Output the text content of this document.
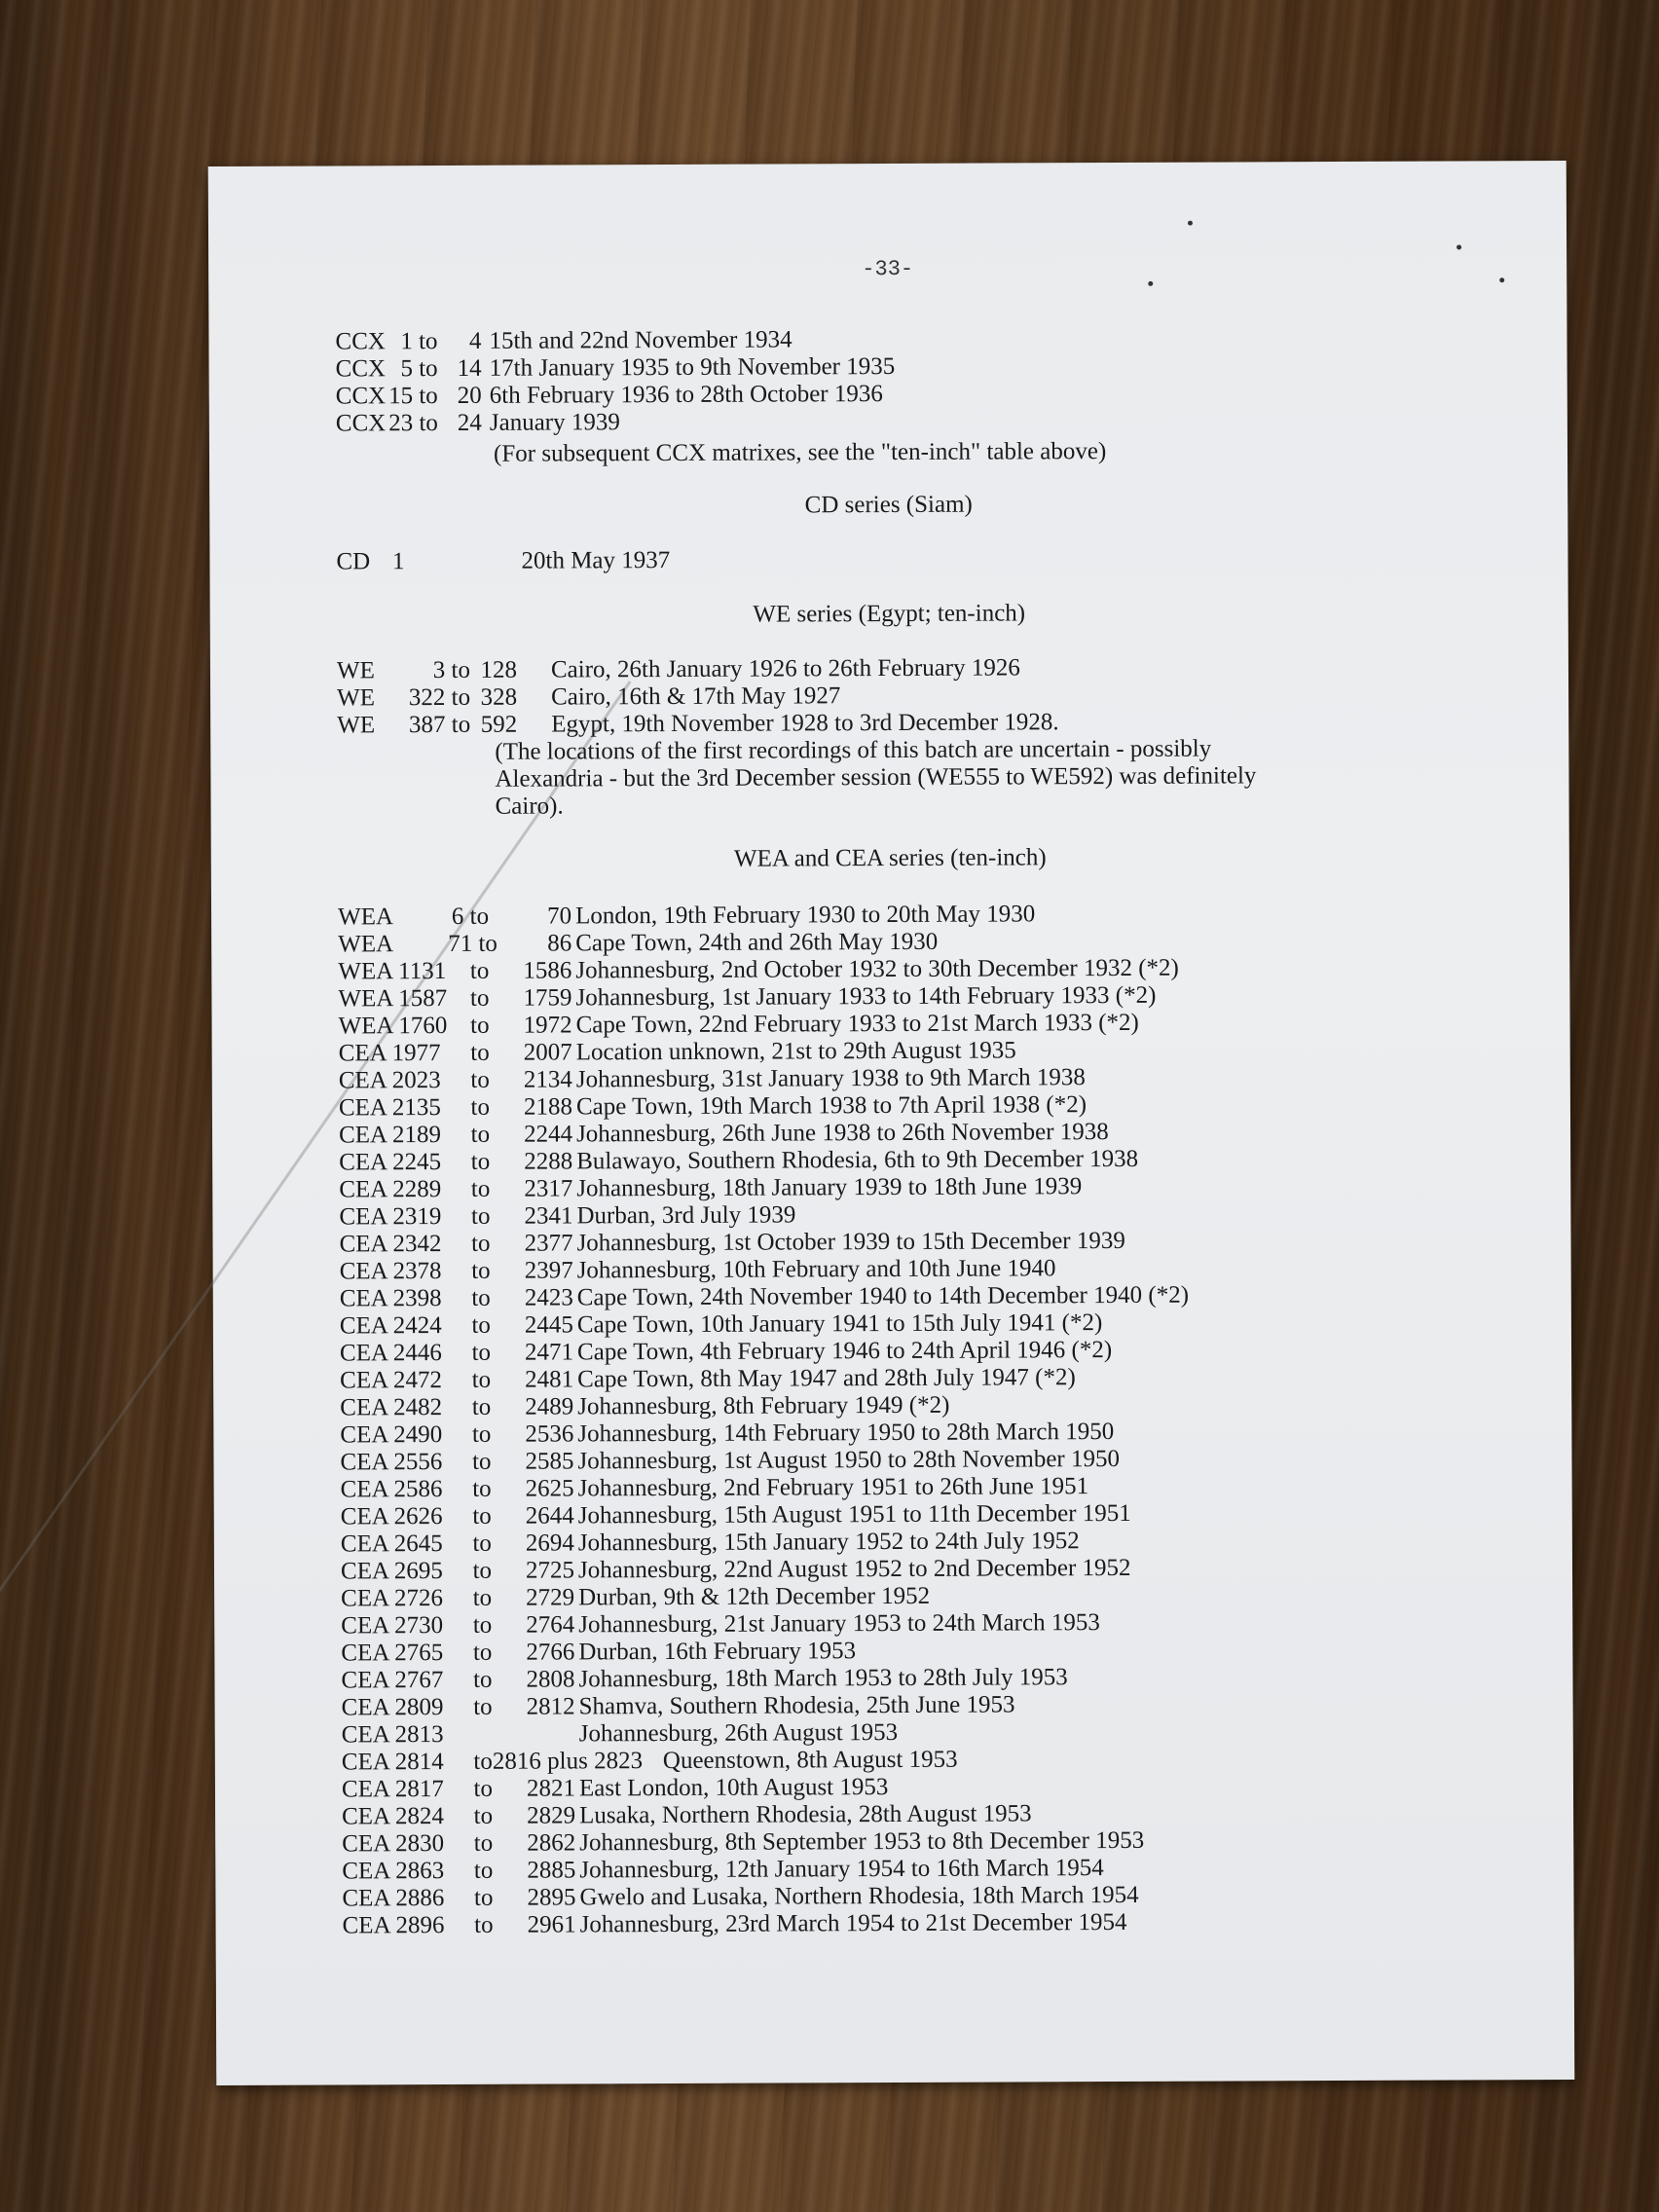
-33-
CCX 1 to	4 15th and 22nd November 1934
CCX 5 to 14 17th January 1935 to 9th November 1935
CCX 15 to 20 6th February 1936 to 28th October 1936
CCX 23 to 24 January 1939
(For subsequent CCX matrixes, see the "ten-inch" table above)
CD series (Siam)
CD 1	20th May 1937
WE series (Egypt; ten-inch)
WE	3 to 128 Cairo, 26th January 1926 to 26th February 1926
WE	322 to 328 Cairo, 16th & 17th May 1927
WE	387 to 592 Egypt, 19th November 1928 to 3rd December 1928.
(The locations of the first recordings of this batch are uncertain - possibly
Alexandria - but the 3rd December session (WE555 to WE592) was definitely
Cairo).
WEA and CEA series (ten-inch)
WEA 6 to	70 London, 19th February 1930 to 20th May 1930
WEA 71 to	86 Cape Town, 24th and 26th May 1930
WEA 1131 to	1586 Johannesburg, 2nd October 1932 to 30th December 1932 (*2)
WEA 1587 to	1759 Johannesburg, 1st January 1933 to 14th February 1933 (*2)
WEA 1760 to	1972 Cape Town, 22nd February 1933 to 21st March 1933 (*2)
CEA 1977	to	2007 Location unknown, 21st to 29th August 1935
CEA 2023	to	2134 Johannesburg, 31st January 1938 to 9th March 1938
CEA 2135	to	2188 Cape Town, 19th March 1938 to 7th April 1938 (*2)
CEA 2189	to	2244 Johannesburg, 26th June 1938 to 26th November 1938
CEA 2245	to	2288 Bulawayo, Southern Rhodesia, 6th to 9th December 1938
CEA 2289	to	2317 Johannesburg, 18th January 1939 to 18th June 1939
CEA 2319	to	2341 Durban, 3rd July 1939
CEA 2342	to	2377 Johannesburg, 1st October 1939 to 15th December 1939
CEA 2378	to	2397 Johannesburg, 10th February and 10th June 1940
CEA 2398	to	2423 Cape Town, 24th November 1940 to 14th December 1940 (*2)
CEA 2424	to	2445 Cape Town, 10th January 1941 to 15th July 1941 (*2)
CEA 2446	to	2471 Cape Town, 4th February 1946 to 24th April 1946 (*2)
CEA 2472	to	2481 Cape Town, 8th May 1947 and 28th July 1947 (*2)
CEA 2482	to	2489 Johannesburg, 8th February 1949 (*2)
CEA 2490	to	2536 Johannesburg, 14th February 1950 to 28th March 1950
CEA 2556	to	2585 Johannesburg, 1st August 1950 to 28th November 1950
CEA 2586	to	2625 Johannesburg, 2nd February 1951 to 26th June 1951
CEA 2626	to	2644 Johannesburg, 15th August 1951 to 11th December 1951
CEA 2645	to	2694 Johannesburg, 15th January 1952 to 24th July 1952
CEA 2695	to	2725 Johannesburg, 22nd August 1952 to 2nd December 1952
CEA 2726	to	2729 Durban, 9th & 12th December 1952
CEA 2730	to	2764 Johannesburg, 21st January 1953 to 24th March 1953
CEA 2765	to	2766 Durban, 16th February 1953
CEA 2767	to	2808 Johannesburg, 18th March 1953 to 28th July 1953
CEA 2809	to	2812 Shamva, Southern Rhodesia, 25th June 1953
CEA 2813	Johannesburg, 26th August 1953
CEA 2814	to 2816 plus 2823 Queenstown, 8th August 1953
CEA 2817	to	2821 East London, 10th August 1953
CEA 2824	to	2829 Lusaka, Northern Rhodesia, 28th August 1953
CEA 2830	to	2862 Johannesburg, 8th September 1953 to 8th December 1953
CEA 2863	to	2885 Johannesburg, 12th January 1954 to 16th March 1954
CEA 2886	to	2895 Gwelo and Lusaka, Northern Rhodesia, 18th March 1954
CEA 2896	to	2961 Johannesburg, 23rd March 1954 to 21st December 1954
